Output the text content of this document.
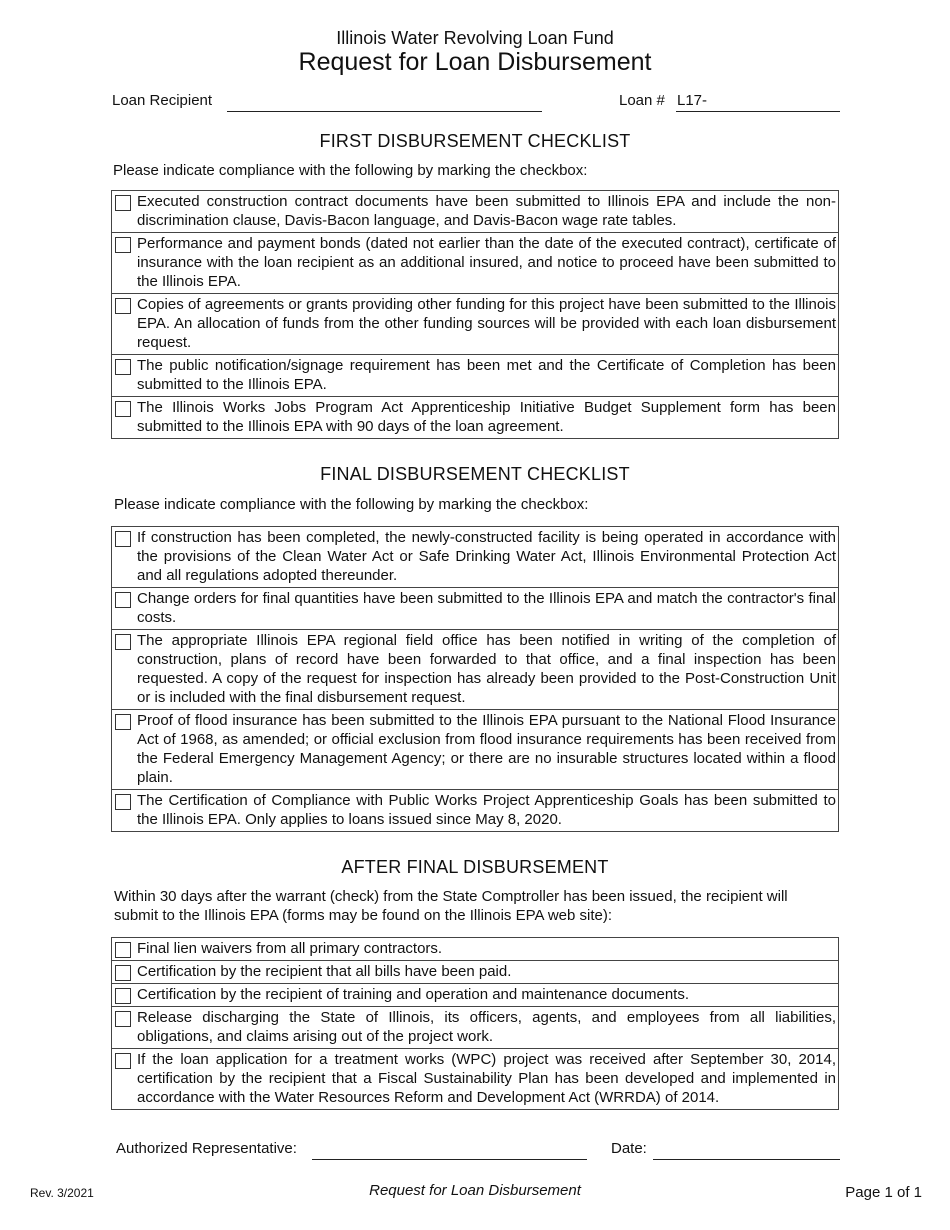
Illinois Water Revolving Loan Fund
Request for Loan Disbursement
Loan Recipient	Loan # L17-
FIRST DISBURSEMENT CHECKLIST
Please indicate compliance with the following by marking the checkbox:
Executed construction contract documents have been submitted to Illinois EPA and include the non-discrimination clause, Davis-Bacon language, and Davis-Bacon wage rate tables.
Performance and payment bonds (dated not earlier than the date of the executed contract), certificate of insurance with the loan recipient as an additional insured, and notice to proceed have been submitted to the Illinois EPA.
Copies of agreements or grants providing other funding for this project have been submitted to the Illinois EPA. An allocation of funds from the other funding sources will be provided with each loan disbursement request.
The public notification/signage requirement has been met and the Certificate of Completion has been submitted to the Illinois EPA.
The Illinois Works Jobs Program Act Apprenticeship Initiative Budget Supplement form has been submitted to the Illinois EPA with 90 days of the loan agreement.
FINAL DISBURSEMENT CHECKLIST
Please indicate compliance with the following by marking the checkbox:
If construction has been completed, the newly-constructed facility is being operated in accordance with the provisions of the Clean Water Act or Safe Drinking Water Act, Illinois Environmental Protection Act and all regulations adopted thereunder.
Change orders for final quantities have been submitted to the Illinois EPA and match the contractor's final costs.
The appropriate Illinois EPA regional field office has been notified in writing of the completion of construction, plans of record have been forwarded to that office, and a final inspection has been requested. A copy of the request for inspection has already been provided to the Post-Construction Unit or is included with the final disbursement request.
Proof of flood insurance has been submitted to the Illinois EPA pursuant to the National Flood Insurance Act of 1968, as amended; or official exclusion from flood insurance requirements has been received from the Federal Emergency Management Agency; or there are no insurable structures located within a flood plain.
The Certification of Compliance with Public Works Project Apprenticeship Goals has been submitted to the Illinois EPA. Only applies to loans issued since May 8, 2020.
AFTER FINAL DISBURSEMENT
Within 30 days after the warrant (check) from the State Comptroller has been issued, the recipient will submit to the Illinois EPA (forms may be found on the Illinois EPA web site):
Final lien waivers from all primary contractors.
Certification by the recipient that all bills have been paid.
Certification by the recipient of training and operation and maintenance documents.
Release discharging the State of Illinois, its officers, agents, and employees from all liabilities, obligations, and claims arising out of the project work.
If the loan application for a treatment works (WPC) project was received after September 30, 2014, certification by the recipient that a Fiscal Sustainability Plan has been developed and implemented in accordance with the Water Resources Reform and Development Act (WRRDA) of 2014.
Authorized Representative:	Date:
Rev. 3/2021	Request for Loan Disbursement	Page 1 of 1
